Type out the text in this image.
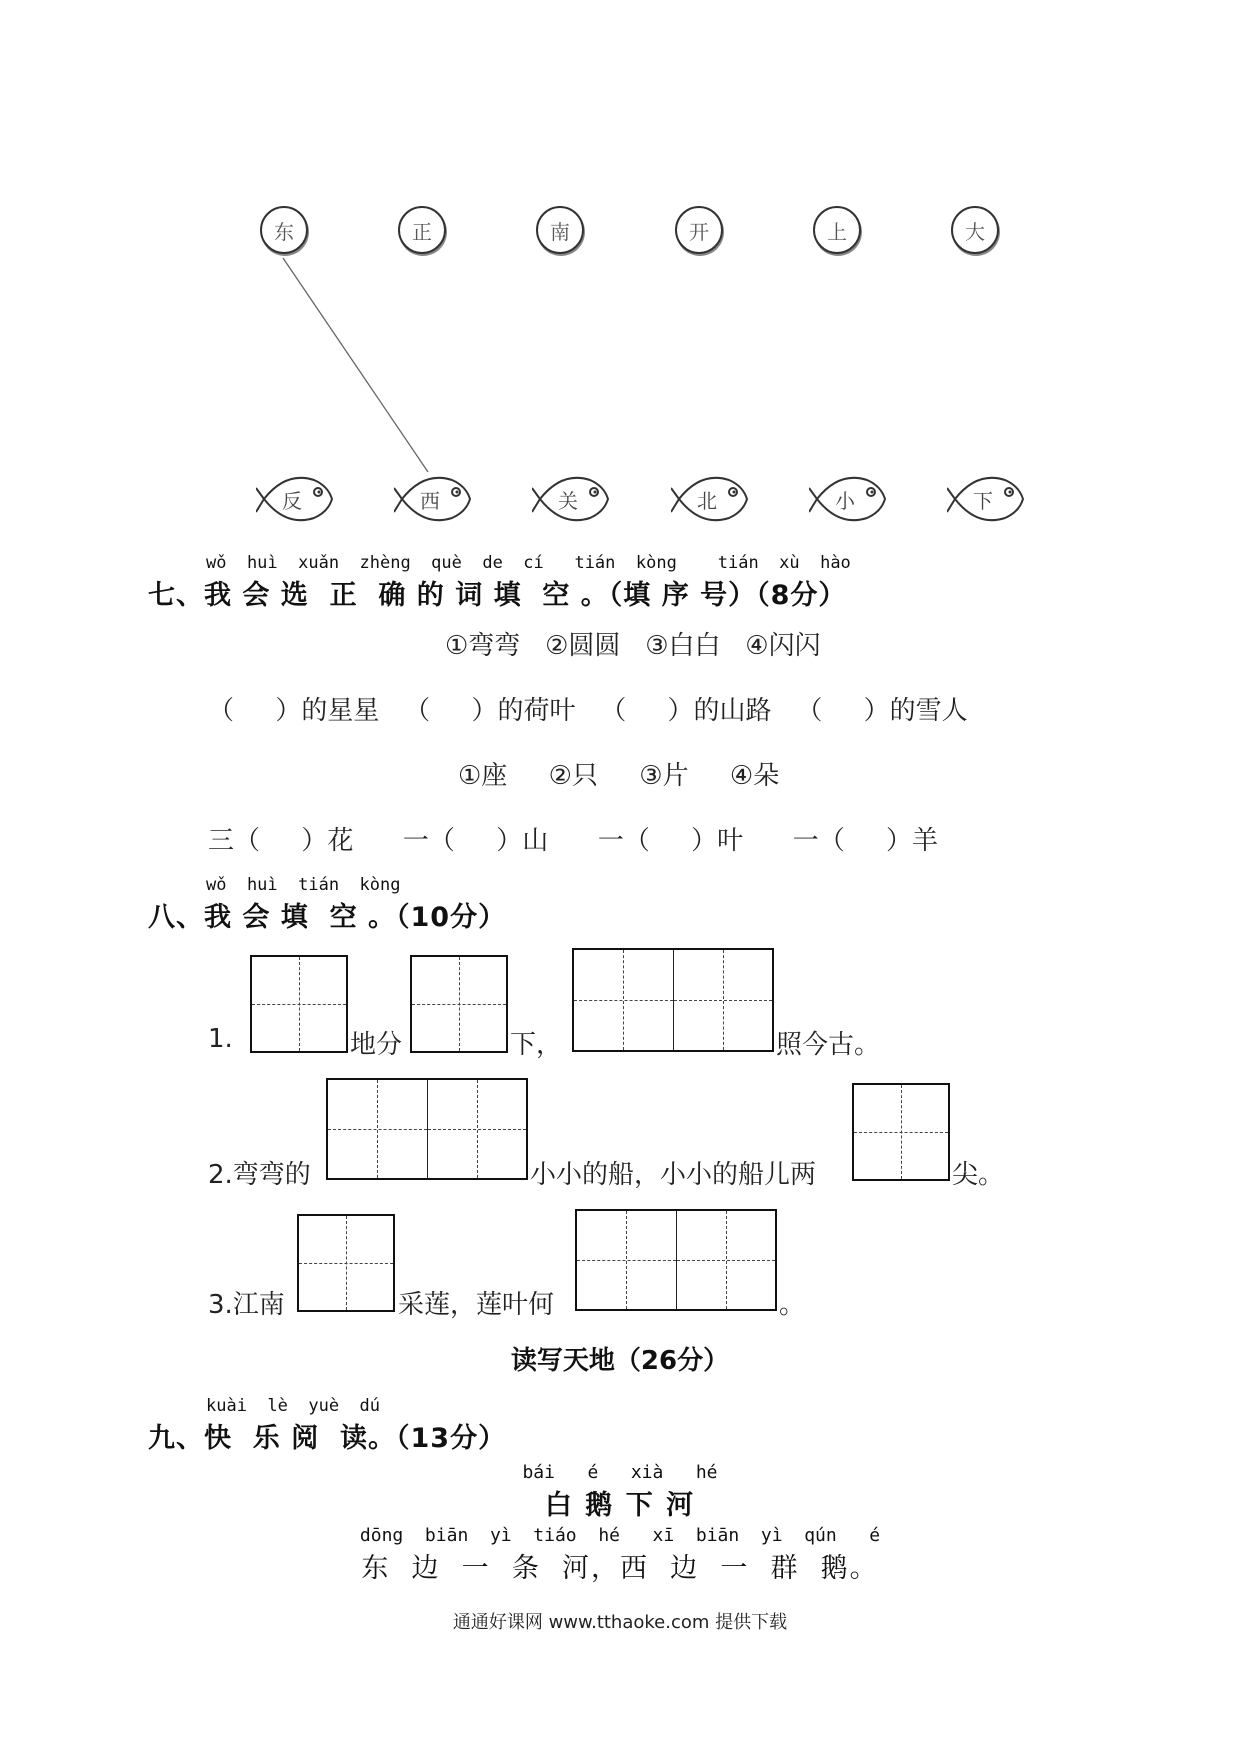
东	正	南	开	上	大
反	西	关	北	小	下
wǒ  huì  xuǎn  zhèng  què  de  cí   tián  kòng    tián  xù  hào
七、我 会 选  正  确 的 词 填  空 。（填 序 号）（8分）
①弯弯   ②圆圆   ③白白   ④闪闪
（     ）的星星   （     ）的荷叶   （     ）的山路   （     ）的雪人
①座     ②只     ③片     ④朵
三（     ）花      一（     ）山      一（     ）叶      一（     ）羊
wǒ  huì  tián  kòng
八、我 会 填  空 。（10分）
1.	地分	下，	照今古。
2.弯弯的	小小的船，小小的船儿两	尖。
3.江南	采莲，莲叶何	。
读写天地（26分）
kuài  lè  yuè  dú
九、快  乐 阅  读。（13分）
bái   é   xià   hé
白 鹅 下 河
dōng  biān  yì  tiáo  hé   xī  biān  yì  qún   é
东  边  一  条  河，西  边  一  群  鹅。
通通好课网 www.tthaoke.com 提供下载
